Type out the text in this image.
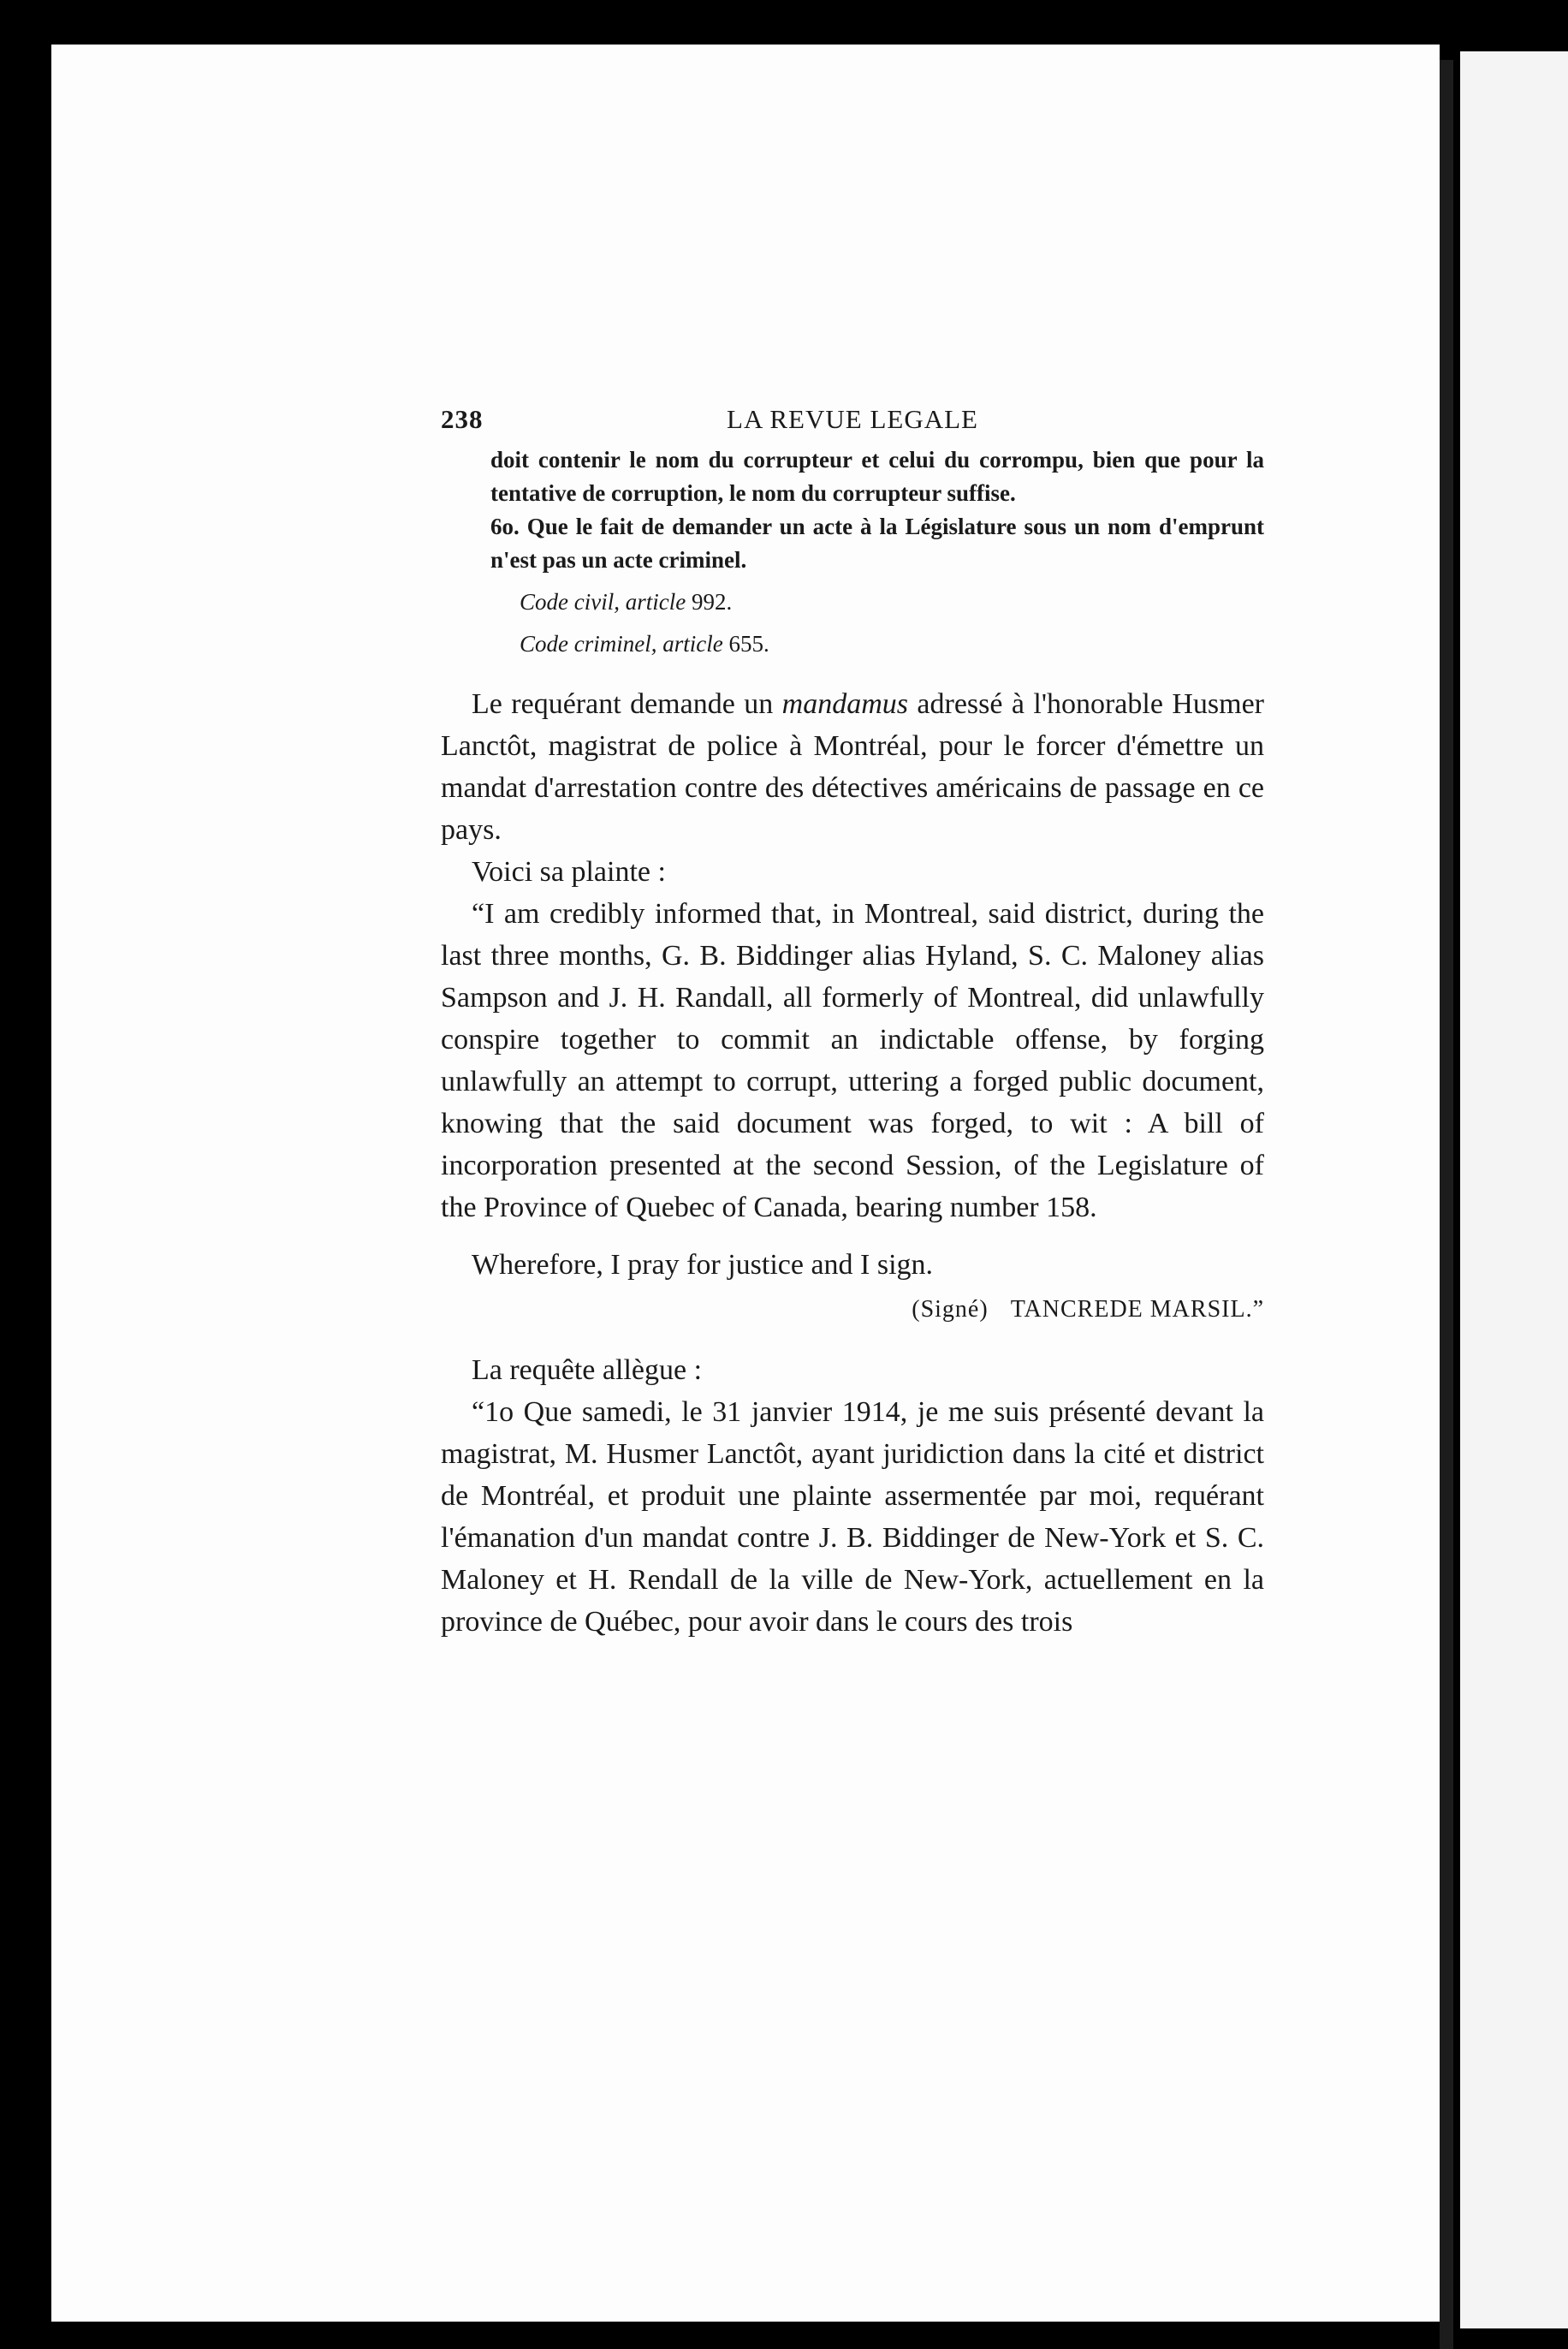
238	LA REVUE LEGALE

doit contenir le nom du corrupteur et celui du corrompu, bien que pour la tentative de corruption, le nom du corrupteur suffise.

6o. Que le fait de demander un acte à la Législature sous un nom d'emprunt n'est pas un acte criminel.

Code civil, article 992.
Code criminel, article 655.

Le requérant demande un mandamus adressé à l'honorable Husmer Lanctôt, magistrat de police à Montréal, pour le forcer d'émettre un mandat d'arrestation contre des détectives américains de passage en ce pays.

Voici sa plainte :

“I am credibly informed that, in Montreal, said district, during the last three months, G. B. Biddinger alias Hyland, S. C. Maloney alias Sampson and J. H. Randall, all formerly of Montreal, did unlawfully conspire together to commit an indictable offense, by forging unlawfully an attempt to corrupt, uttering a forged public document, knowing that the said document was forged, to wit : A bill of incorporation presented at the second Session, of the Legislature of the Province of Quebec of Canada, bearing number 158.

Wherefore, I pray for justice and I sign.

(Signé) TANCREDE MARSIL.”

La requête allègue :

“1o Que samedi, le 31 janvier 1914, je me suis présenté devant la magistrat, M. Husmer Lanctôt, ayant juridiction dans la cité et district de Montréal, et produit une plainte assermentée par moi, requérant l'émanation d'un mandat contre J. B. Biddinger de New-York et S. C. Maloney et H. Rendall de la ville de New-York, actuellement en la province de Québec, pour avoir dans le cours des trois
